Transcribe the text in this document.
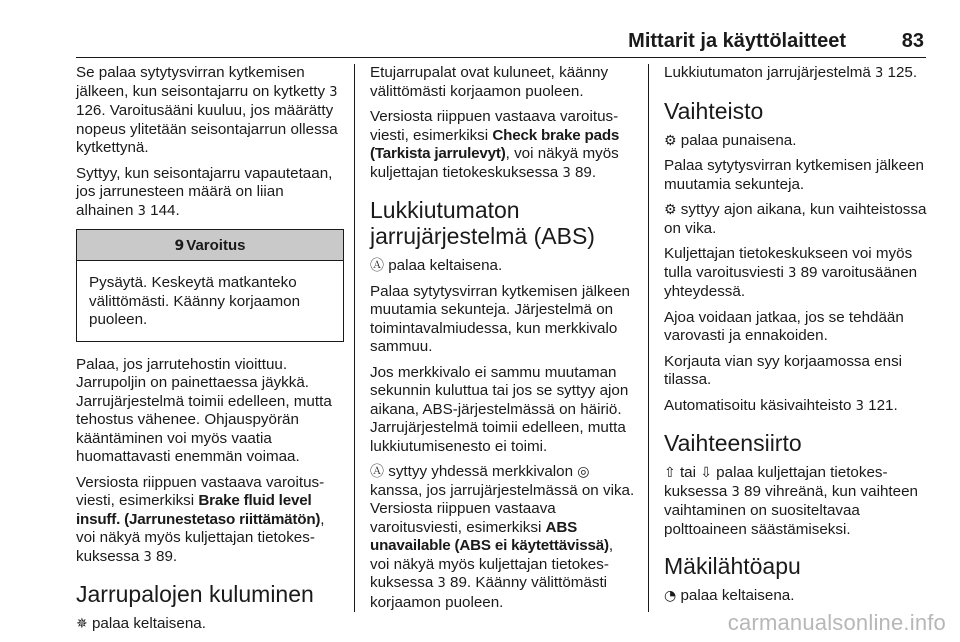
Mittarit ja käyttölaitteet	83

Se palaa sytytysvirran kytkemisen jälkeen, kun seisontajarru on kytketty 3 126. Varoitusääni kuuluu, jos määrätty nopeus ylitetään seisontajarrun ollessa kytkettynä.

Syttyy, kun seisontajarru vapautetaan, jos jarrunesteen määrä on liian alhainen 3 144.

9 Varoitus
Pysäytä. Keskeytä matkanteko välittömästi. Käänny korjaamon puoleen.

Palaa, jos jarrutehostin vioittuu. Jarrupoljin on painettaessa jäykkä. Jarrujärjestelmä toimii edelleen, mutta tehostus vähenee. Ohjauspyörän kääntäminen voi myös vaatia huomattavasti enemmän voimaa.

Versiosta riippuen vastaava varoitusviesti, esimerkiksi Brake fluid level insuff. (Jarrunestetaso riittämätön), voi näkyä myös kuljettajan tietokeskuksessa 3 89.

Jarrupalojen kuluminen

✵ palaa keltaisena.

Etujarrupalat ovat kuluneet, käänny välittömästi korjaamon puoleen.

Versiosta riippuen vastaava varoitusviesti, esimerkiksi Check brake pads (Tarkista jarrulevyt), voi näkyä myös kuljettajan tietokeskuksessa 3 89.

Lukkiutumaton jarrujärjestelmä (ABS)

Ⓐ palaa keltaisena.

Palaa sytytysvirran kytkemisen jälkeen muutamia sekunteja. Järjestelmä on toimintavalmiudessa, kun merkkivalo sammuu.

Jos merkkivalo ei sammu muutaman sekunnin kuluttua tai jos se syttyy ajon aikana, ABS-järjestelmässä on häiriö. Jarrujärjestelmä toimii edelleen, mutta lukkiutumisenesto ei toimi.

Ⓐ syttyy yhdessä merkkivalon ◎ kanssa, jos jarrujärjestelmässä on vika. Versiosta riippuen vastaava varoitusviesti, esimerkiksi ABS unavailable (ABS ei käytettävissä), voi näkyä myös kuljettajan tietokeskuksessa 3 89. Käänny välittömästi korjaamon puoleen.

Lukkiutumaton jarrujärjestelmä 3 125.

Vaihteisto

⚙ palaa punaisena.

Palaa sytytysvirran kytkemisen jälkeen muutamia sekunteja.

⚙ syttyy ajon aikana, kun vaihteistossa on vika.

Kuljettajan tietokeskukseen voi myös tulla varoitusviesti 3 89 varoitusäänen yhteydessä.

Ajoa voidaan jatkaa, jos se tehdään varovasti ja ennakoiden.

Korjauta vian syy korjaamossa ensi tilassa.

Automatisoitu käsivaihteisto 3 121.

Vaihteensiirto

⇧ tai ⇩ palaa kuljettajan tietokeskuksessa 3 89 vihreänä, kun vaihteen vaihtaminen on suositeltavaa polttoaineen säästämiseksi.

Mäkilähtöapu

◔ palaa keltaisena.

carmanualsonline.info
